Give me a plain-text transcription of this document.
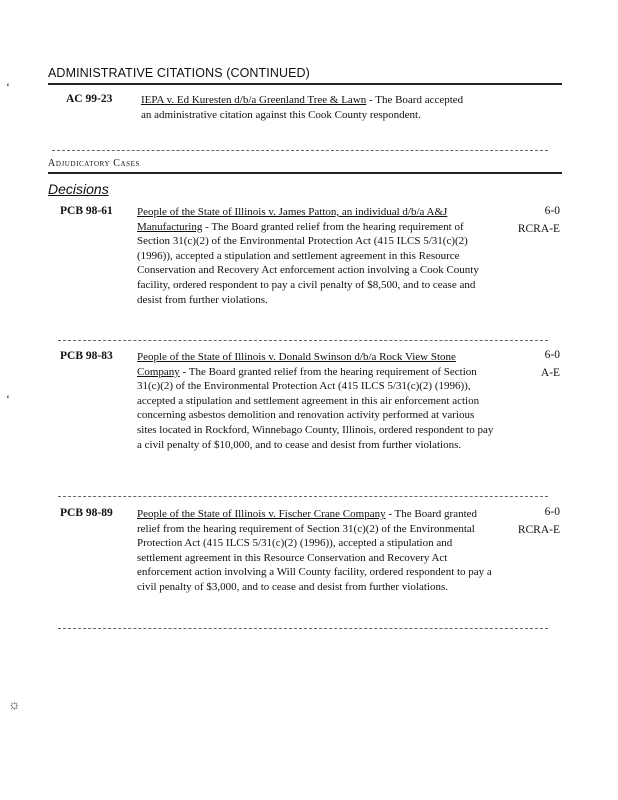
ADMINISTRATIVE CITATIONS (CONTINUED)
AC 99-23	IEPA v. Ed Kuresten d/b/a Greenland Tree & Lawn - The Board accepted an administrative citation against this Cook County respondent.
Adjudicatory Cases
Decisions
PCB 98-61 People of the State of Illinois v. James Patton, an individual d/b/a A&J Manufacturing - The Board granted relief from the hearing requirement of Section 31(c)(2) of the Environmental Protection Act (415 ILCS 5/31(c)(2) (1996)), accepted a stipulation and settlement agreement in this Resource Conservation and Recovery Act enforcement action involving a Cook County facility, ordered respondent to pay a civil penalty of $8,500, and to cease and desist from further violations.
6-0
RCRA-E
PCB 98-83 People of the State of Illinois v. Donald Swinson d/b/a Rock View Stone Company - The Board granted relief from the hearing requirement of Section 31(c)(2) of the Environmental Protection Act (415 ILCS 5/31(c)(2) (1996)), accepted a stipulation and settlement agreement in this air enforcement action concerning asbestos demolition and renovation activity performed at various sites located in Rockford, Winnebago County, Illinois, ordered respondent to pay a civil penalty of $10,000, and to cease and desist from further violations.
6-0
A-E
PCB 98-89 People of the State of Illinois v. Fischer Crane Company - The Board granted relief from the hearing requirement of Section 31(c)(2) of the Environmental Protection Act (415 ILCS 5/31(c)(2) (1996)), accepted a stipulation and settlement agreement in this Resource Conservation and Recovery Act enforcement action involving a Will County facility, ordered respondent to pay a civil penalty of $3,000, and to cease and desist from further violations.
6-0
RCRA-E
ʻ
ʻ
☼
